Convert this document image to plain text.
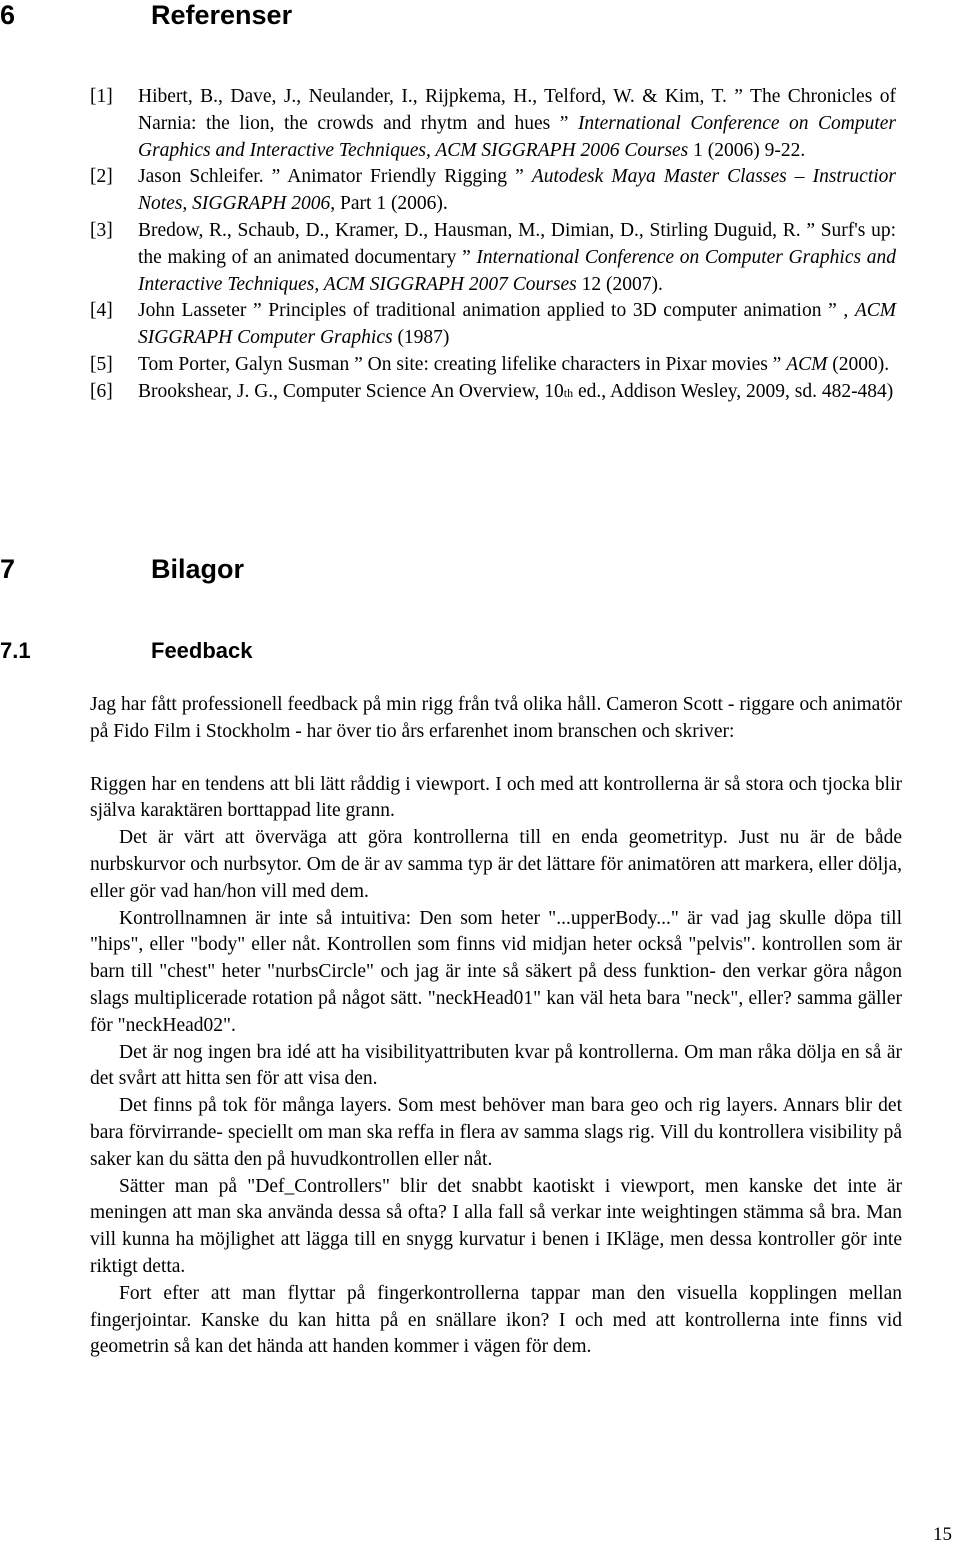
6	Referenser
[1] Hibert, B., Dave, J., Neulander, I., Rijpkema, H., Telford, W. & Kim, T. ” The Chronicles of Narnia: the lion, the crowds and rhytm and hues ” International Conference on Computer Graphics and Interactive Techniques, ACM SIGGRAPH 2006 Courses 1 (2006) 9-22.
[2] Jason Schleifer. ” Animator Friendly Rigging ” Autodesk Maya Master Classes – Instructior Notes, SIGGRAPH 2006, Part 1 (2006).
[3] Bredow, R., Schaub, D., Kramer, D., Hausman, M., Dimian, D., Stirling Duguid, R. ” Surf's up: the making of an animated documentary ” International Conference on Computer Graphics and Interactive Techniques, ACM SIGGRAPH 2007 Courses 12 (2007).
[4] John Lasseter ” Principles of traditional animation applied to 3D computer animation ” , ACM SIGGRAPH Computer Graphics (1987)
[5] Tom Porter, Galyn Susman ” On site: creating lifelike characters in Pixar movies ” ACM (2000).
[6] Brookshear, J. G., Computer Science An Overview, 10th ed., Addison Wesley, 2009, sd. 482-484)
7	Bilagor
7.1	Feedback

Jag har fått professionell feedback på min rigg från två olika håll. Cameron Scott - riggare och animatör på Fido Film i Stockholm - har över tio års erfarenhet inom branschen och skriver:

Riggen har en tendens att bli lätt råddig i viewport. I och med att kontrollerna är så stora och tjocka blir själva karaktären borttappad lite grann.

Det är värt att överväga att göra kontrollerna till en enda geometrityp. Just nu är de både nurbskurvor och nurbsytor. Om de är av samma typ är det lättare för animatören att markera, eller dölja, eller gör vad han/hon vill med dem.

Kontrollnamnen är inte så intuitiva: Den som heter "...upperBody..." är vad jag skulle döpa till "hips", eller "body" eller nåt. Kontrollen som finns vid midjan heter också "pelvis". kontrollen som är barn till "chest" heter "nurbsCircle" och jag är inte så säkert på dess funktion- den verkar göra någon slags multiplicerade rotation på något sätt. "neckHead01" kan väl heta bara "neck", eller? samma gäller för "neckHead02".

Det är nog ingen bra idé att ha visibilityattributen kvar på kontrollerna. Om man råka dölja en så är det svårt att hitta sen för att visa den.

Det finns på tok för många layers. Som mest behöver man bara geo och rig layers. Annars blir det bara förvirrande- speciellt om man ska reffa in flera av samma slags rig. Vill du kontrollera visibility på saker kan du sätta den på huvudkontrollen eller nåt.

Sätter man på "Def_Controllers" blir det snabbt kaotiskt i viewport, men kanske det inte är meningen att man ska använda dessa så ofta? I alla fall så verkar inte weightingen stämma så bra. Man vill kunna ha möjlighet att lägga till en snygg kurvatur i benen i IKläge, men dessa kontroller gör inte riktigt detta.

Fort efter att man flyttar på fingerkontrollerna tappar man den visuella kopplingen mellan fingerjointar. Kanske du kan hitta på en snällare ikon? I och med att kontrollerna inte finns vid geometrin så kan det hända att handen kommer i vägen för dem.

15
